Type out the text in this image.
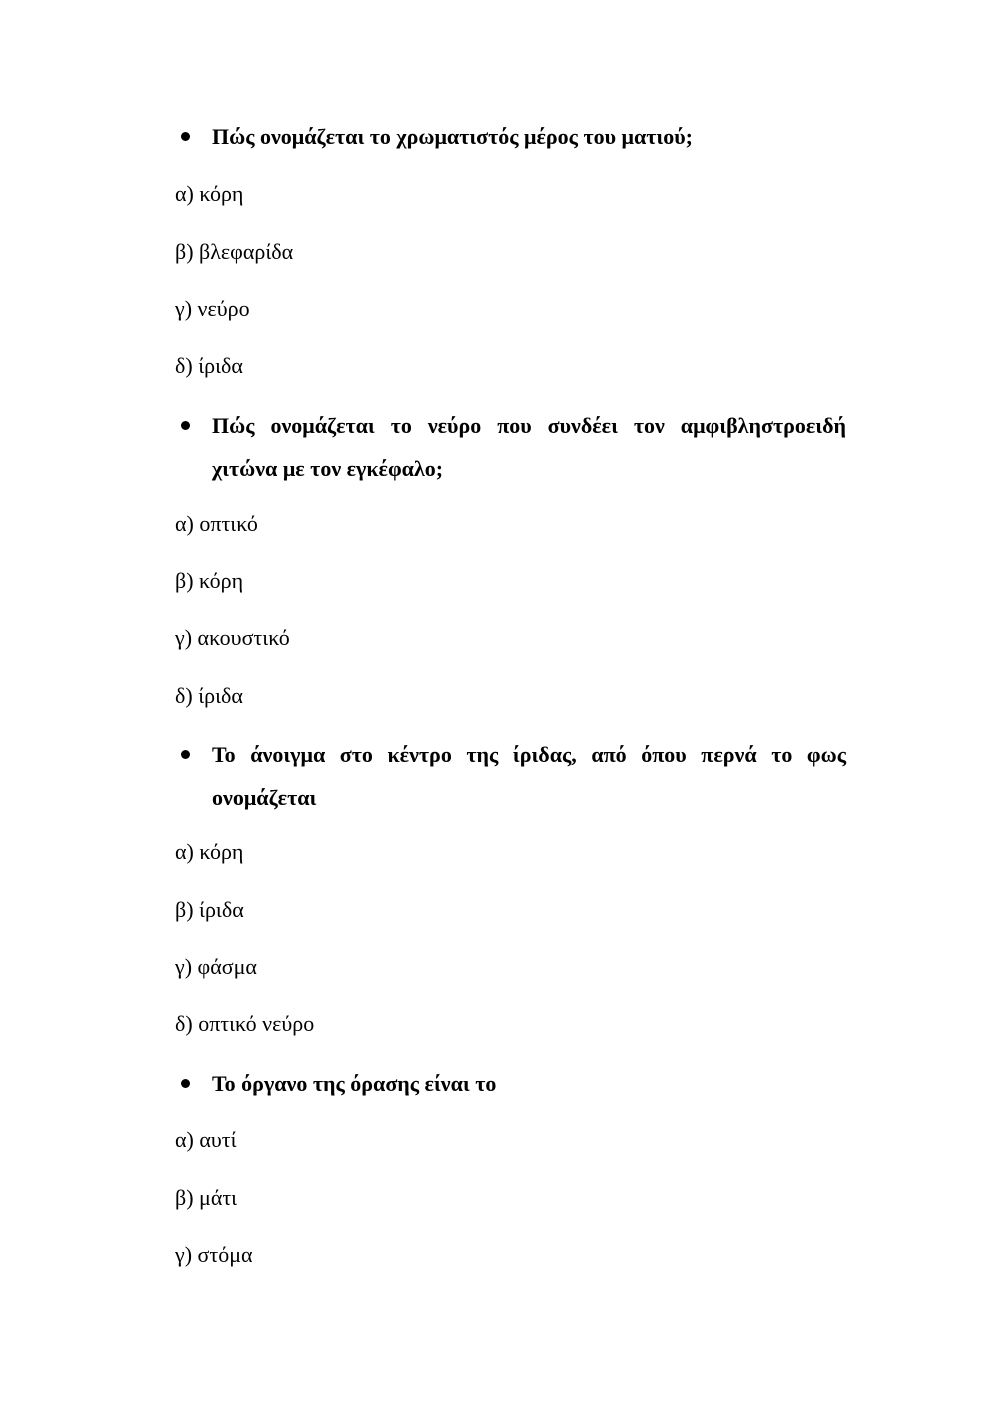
Πώς ονομάζεται το χρωματιστός μέρος του ματιού;

α) κόρη
β) βλεφαρίδα
γ) νεύρο
δ) ίριδα

Πώς ονομάζεται το νεύρο που συνδέει τον αμφιβληστροειδή

χιτώνα με τον εγκέφαλο;

α) οπτικό
β) κόρη
γ) ακουστικό
δ) ίριδα

Το άνοιγμα στο κέντρο της ίριδας, από όπου περνά το φως

ονομάζεται

α) κόρη
β) ίριδα
γ) φάσμα
δ) οπτικό νεύρο

Το όργανο της όρασης είναι το

α) αυτί
β) μάτι
γ) στόμα
